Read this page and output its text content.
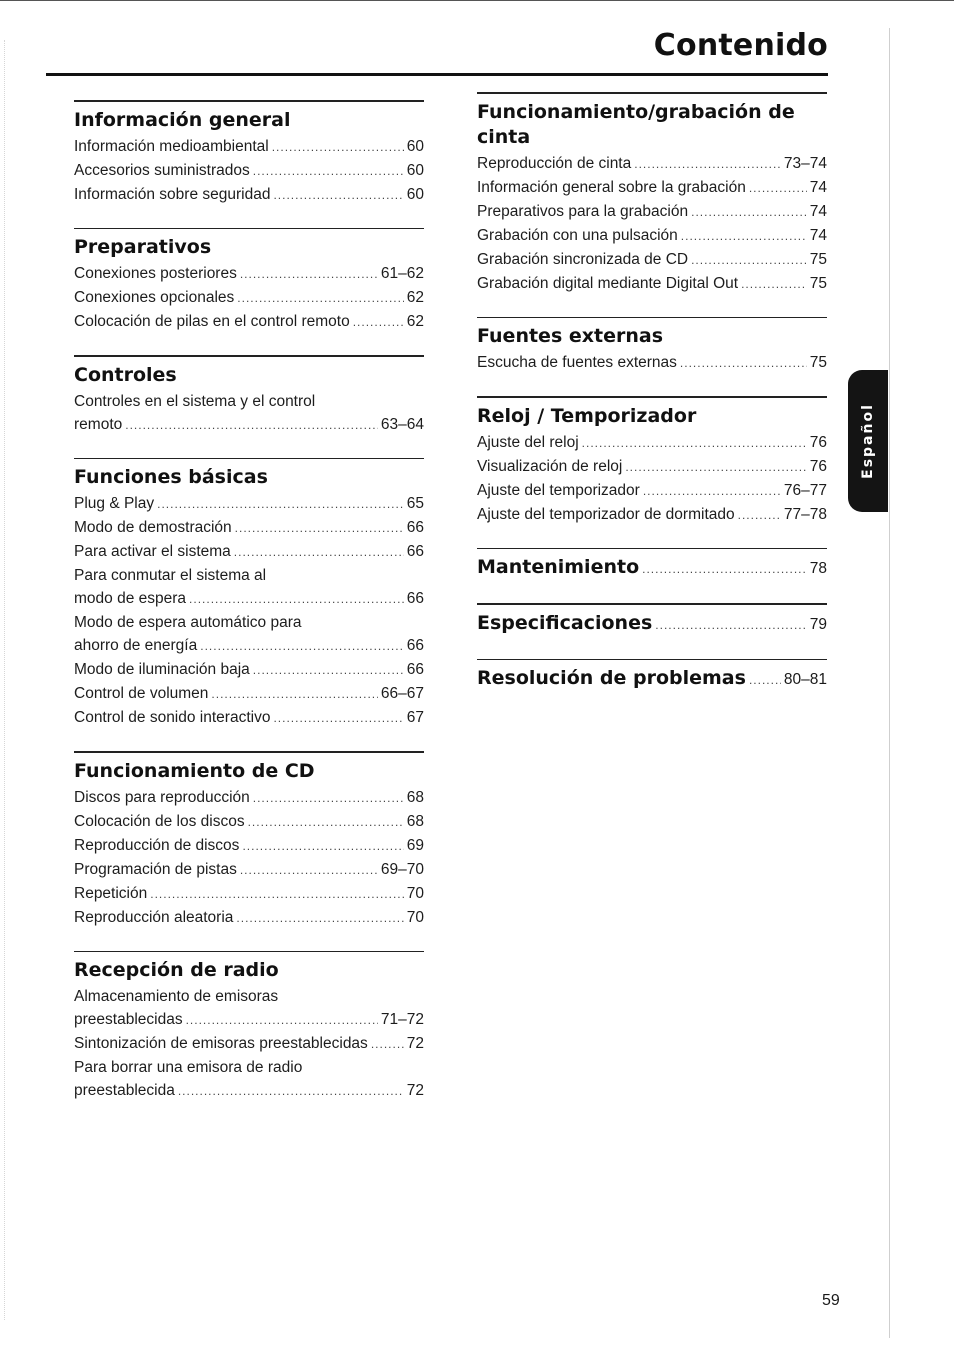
Contenido
Información general
Información medioambiental .....	60
Accesorios suministrados .....	60
Información sobre seguridad .....	60
Preparativos
Conexiones posteriores .....	61–62
Conexiones opcionales .....	62
Colocación de pilas en el control remoto .....	62
Controles
Controles en el sistema y el control
remoto .....	63–64
Funciones básicas
Plug & Play .....	65
Modo de demostración .....	66
Para activar el sistema .....	66
Para conmutar el sistema al
modo de espera .....	66
Modo de espera automático para
ahorro de energía .....	66
Modo de iluminación baja .....	66
Control de volumen .....	66–67
Control de sonido interactivo .....	67
Funcionamiento de CD
Discos para reproducción .....	68
Colocación de los discos .....	68
Reproducción de discos .....	69
Programación de pistas .....	69–70
Repetición .....	70
Reproducción aleatoria .....	70
Recepción de radio
Almacenamiento de emisoras
preestablecidas .....	71–72
Sintonización de emisoras preestablecidas .....	72
Para borrar una emisora de radio
preestablecida .....	72
Funcionamiento/grabación de cinta
Reproducción de cinta .....	73–74
Información general sobre la grabación .....	74
Preparativos para la grabación .....	74
Grabación con una pulsación .....	74
Grabación sincronizada de CD .....	75
Grabación digital mediante Digital Out .....	75
Fuentes externas
Escucha de fuentes externas .....	75
Reloj / Temporizador
Ajuste del reloj .....	76
Visualización de reloj .....	76
Ajuste del temporizador .....	76–77
Ajuste del temporizador de dormitado .....	77–78
Mantenimiento .....	78
Especificaciones .....	79
Resolución de problemas ..... 80–81
Español
59
